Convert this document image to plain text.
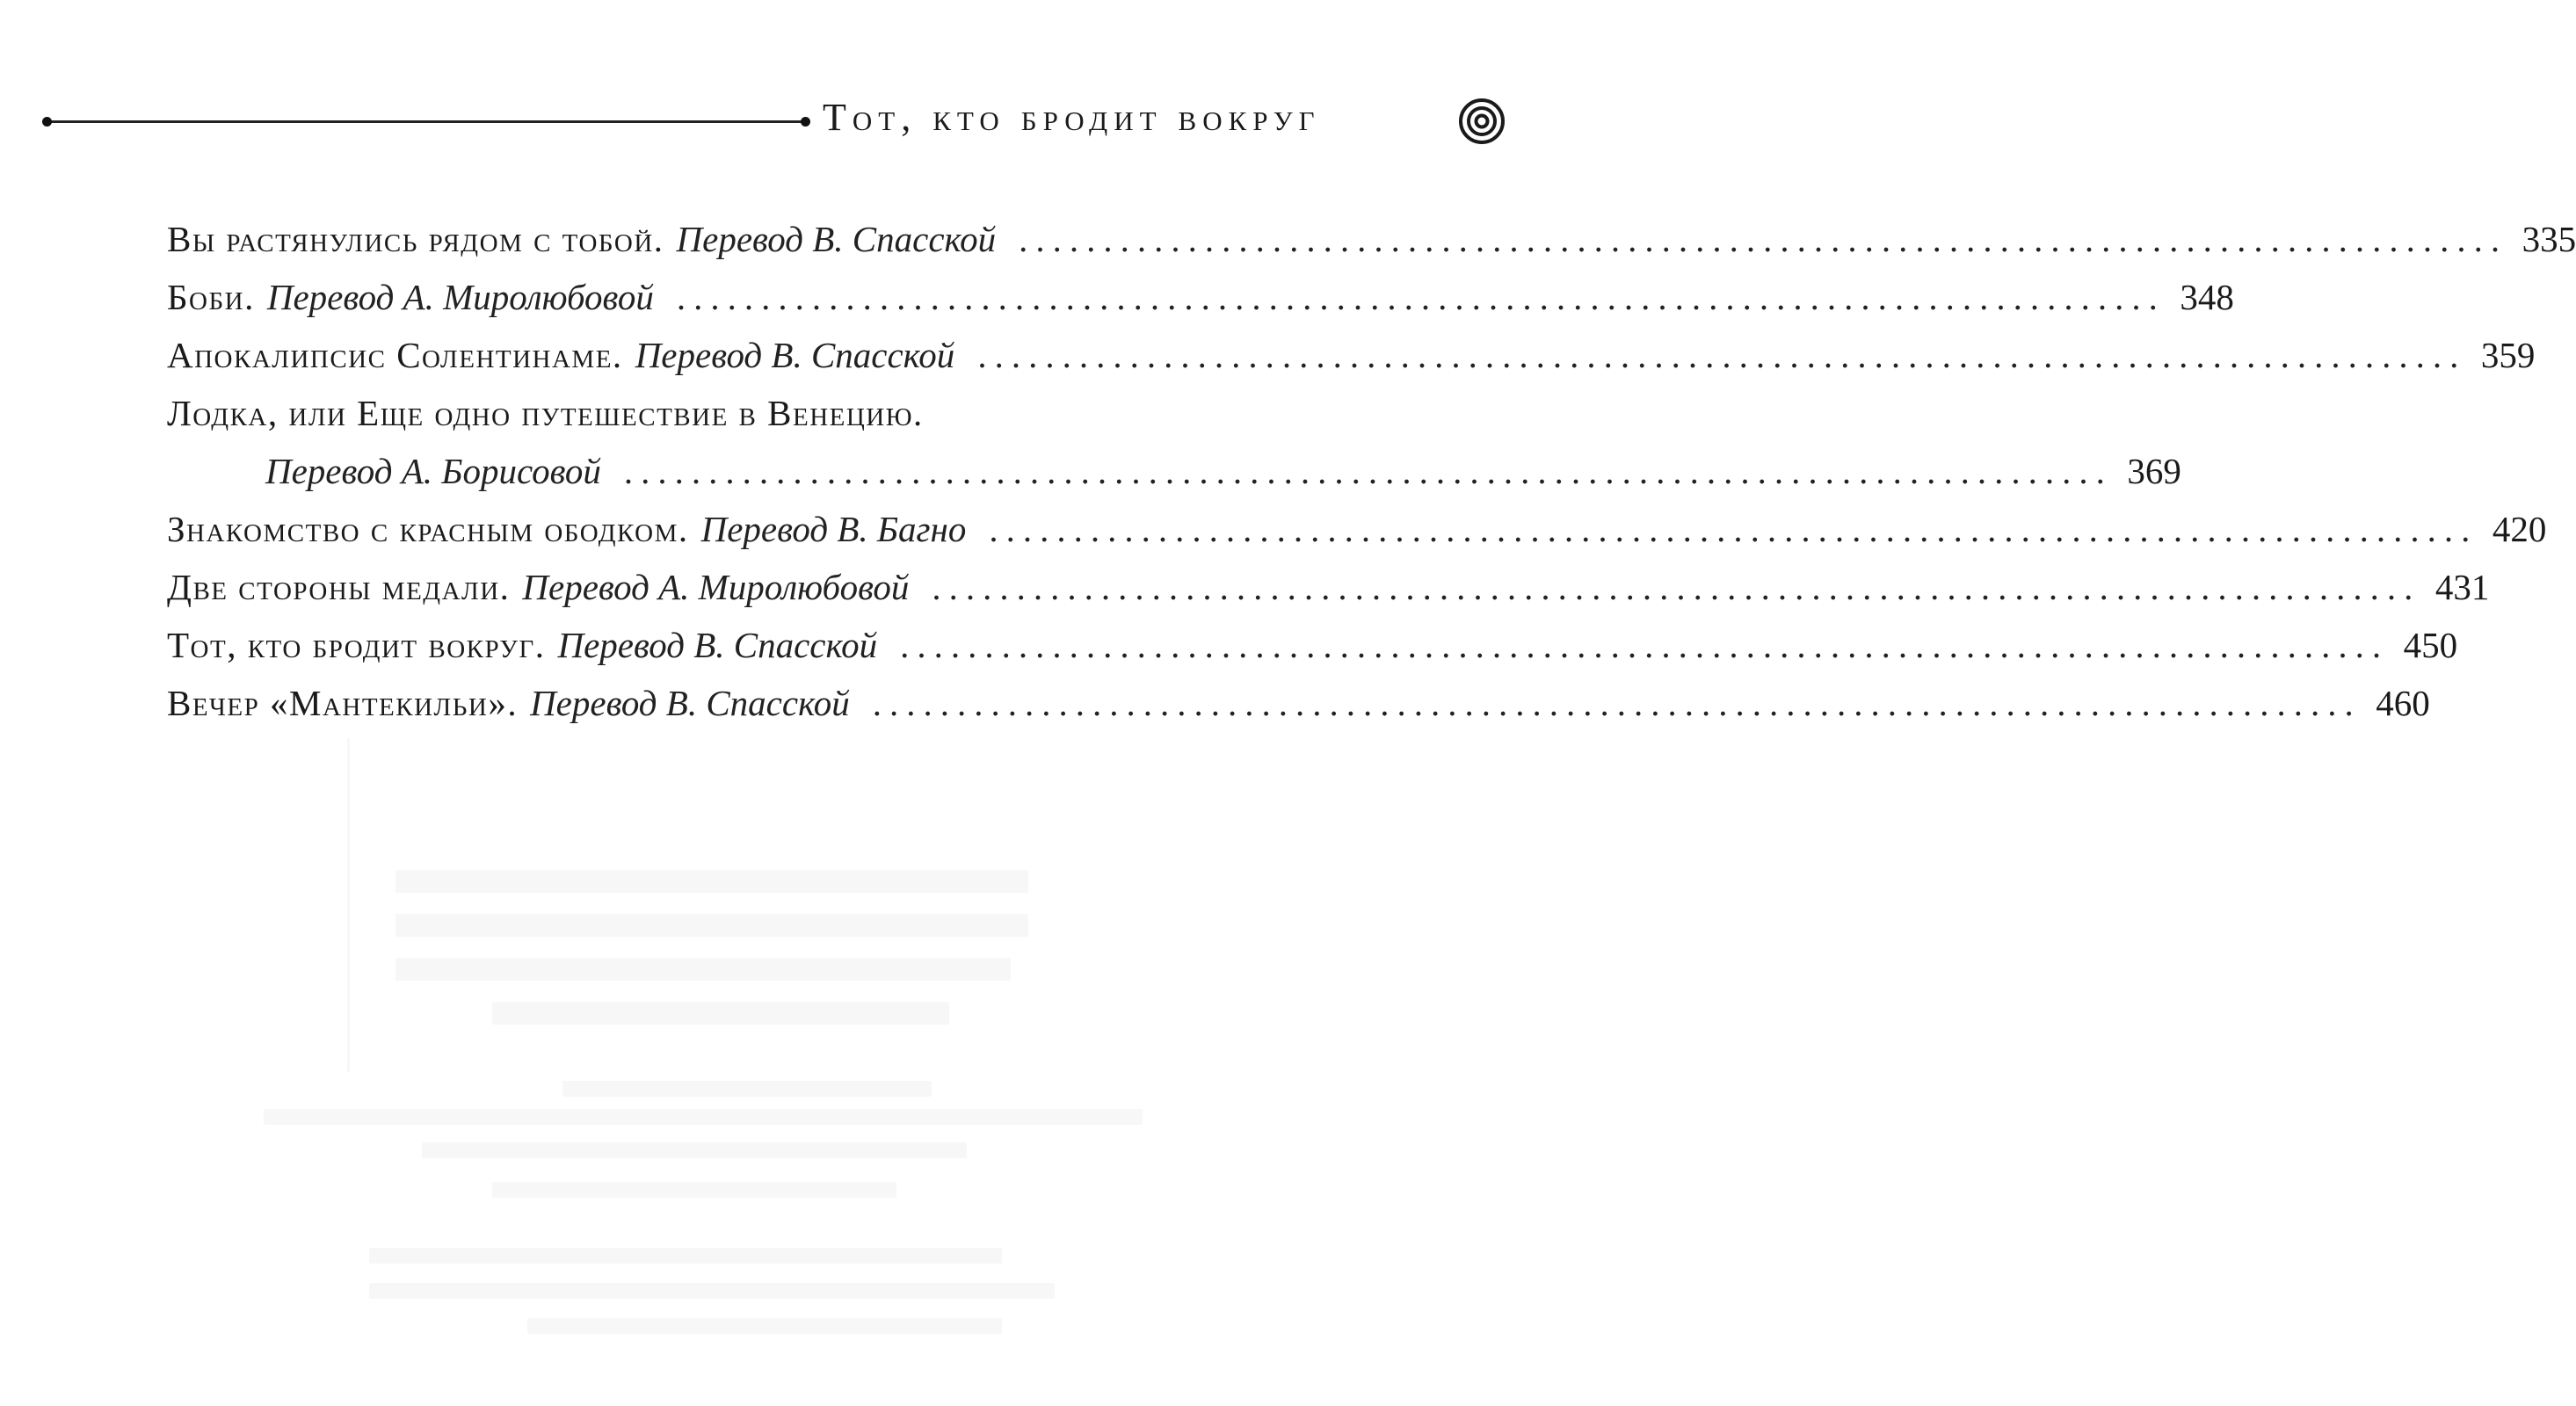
Тот, кто бродит вокруг
Вы растянулись рядом с тобой. Перевод В. Спасской ........................................................................................ 335
Боби. Перевод А. Миролюбовой ........................................................................................ 348
Апокалипсис Солентинаме. Перевод В. Спасской ........................................................................................ 359
Лодка, или Еще одно путешествие в Венецию.
Перевод А. Борисовой ........................................................................................ 369
Знакомство с красным ободком. Перевод В. Багно ........................................................................................ 420
Две стороны медали. Перевод А. Миролюбовой ........................................................................................ 431
Тот, кто бродит вокруг. Перевод В. Спасской ........................................................................................ 450
Вечер «Мантекильи». Перевод В. Спасской ........................................................................................ 460
